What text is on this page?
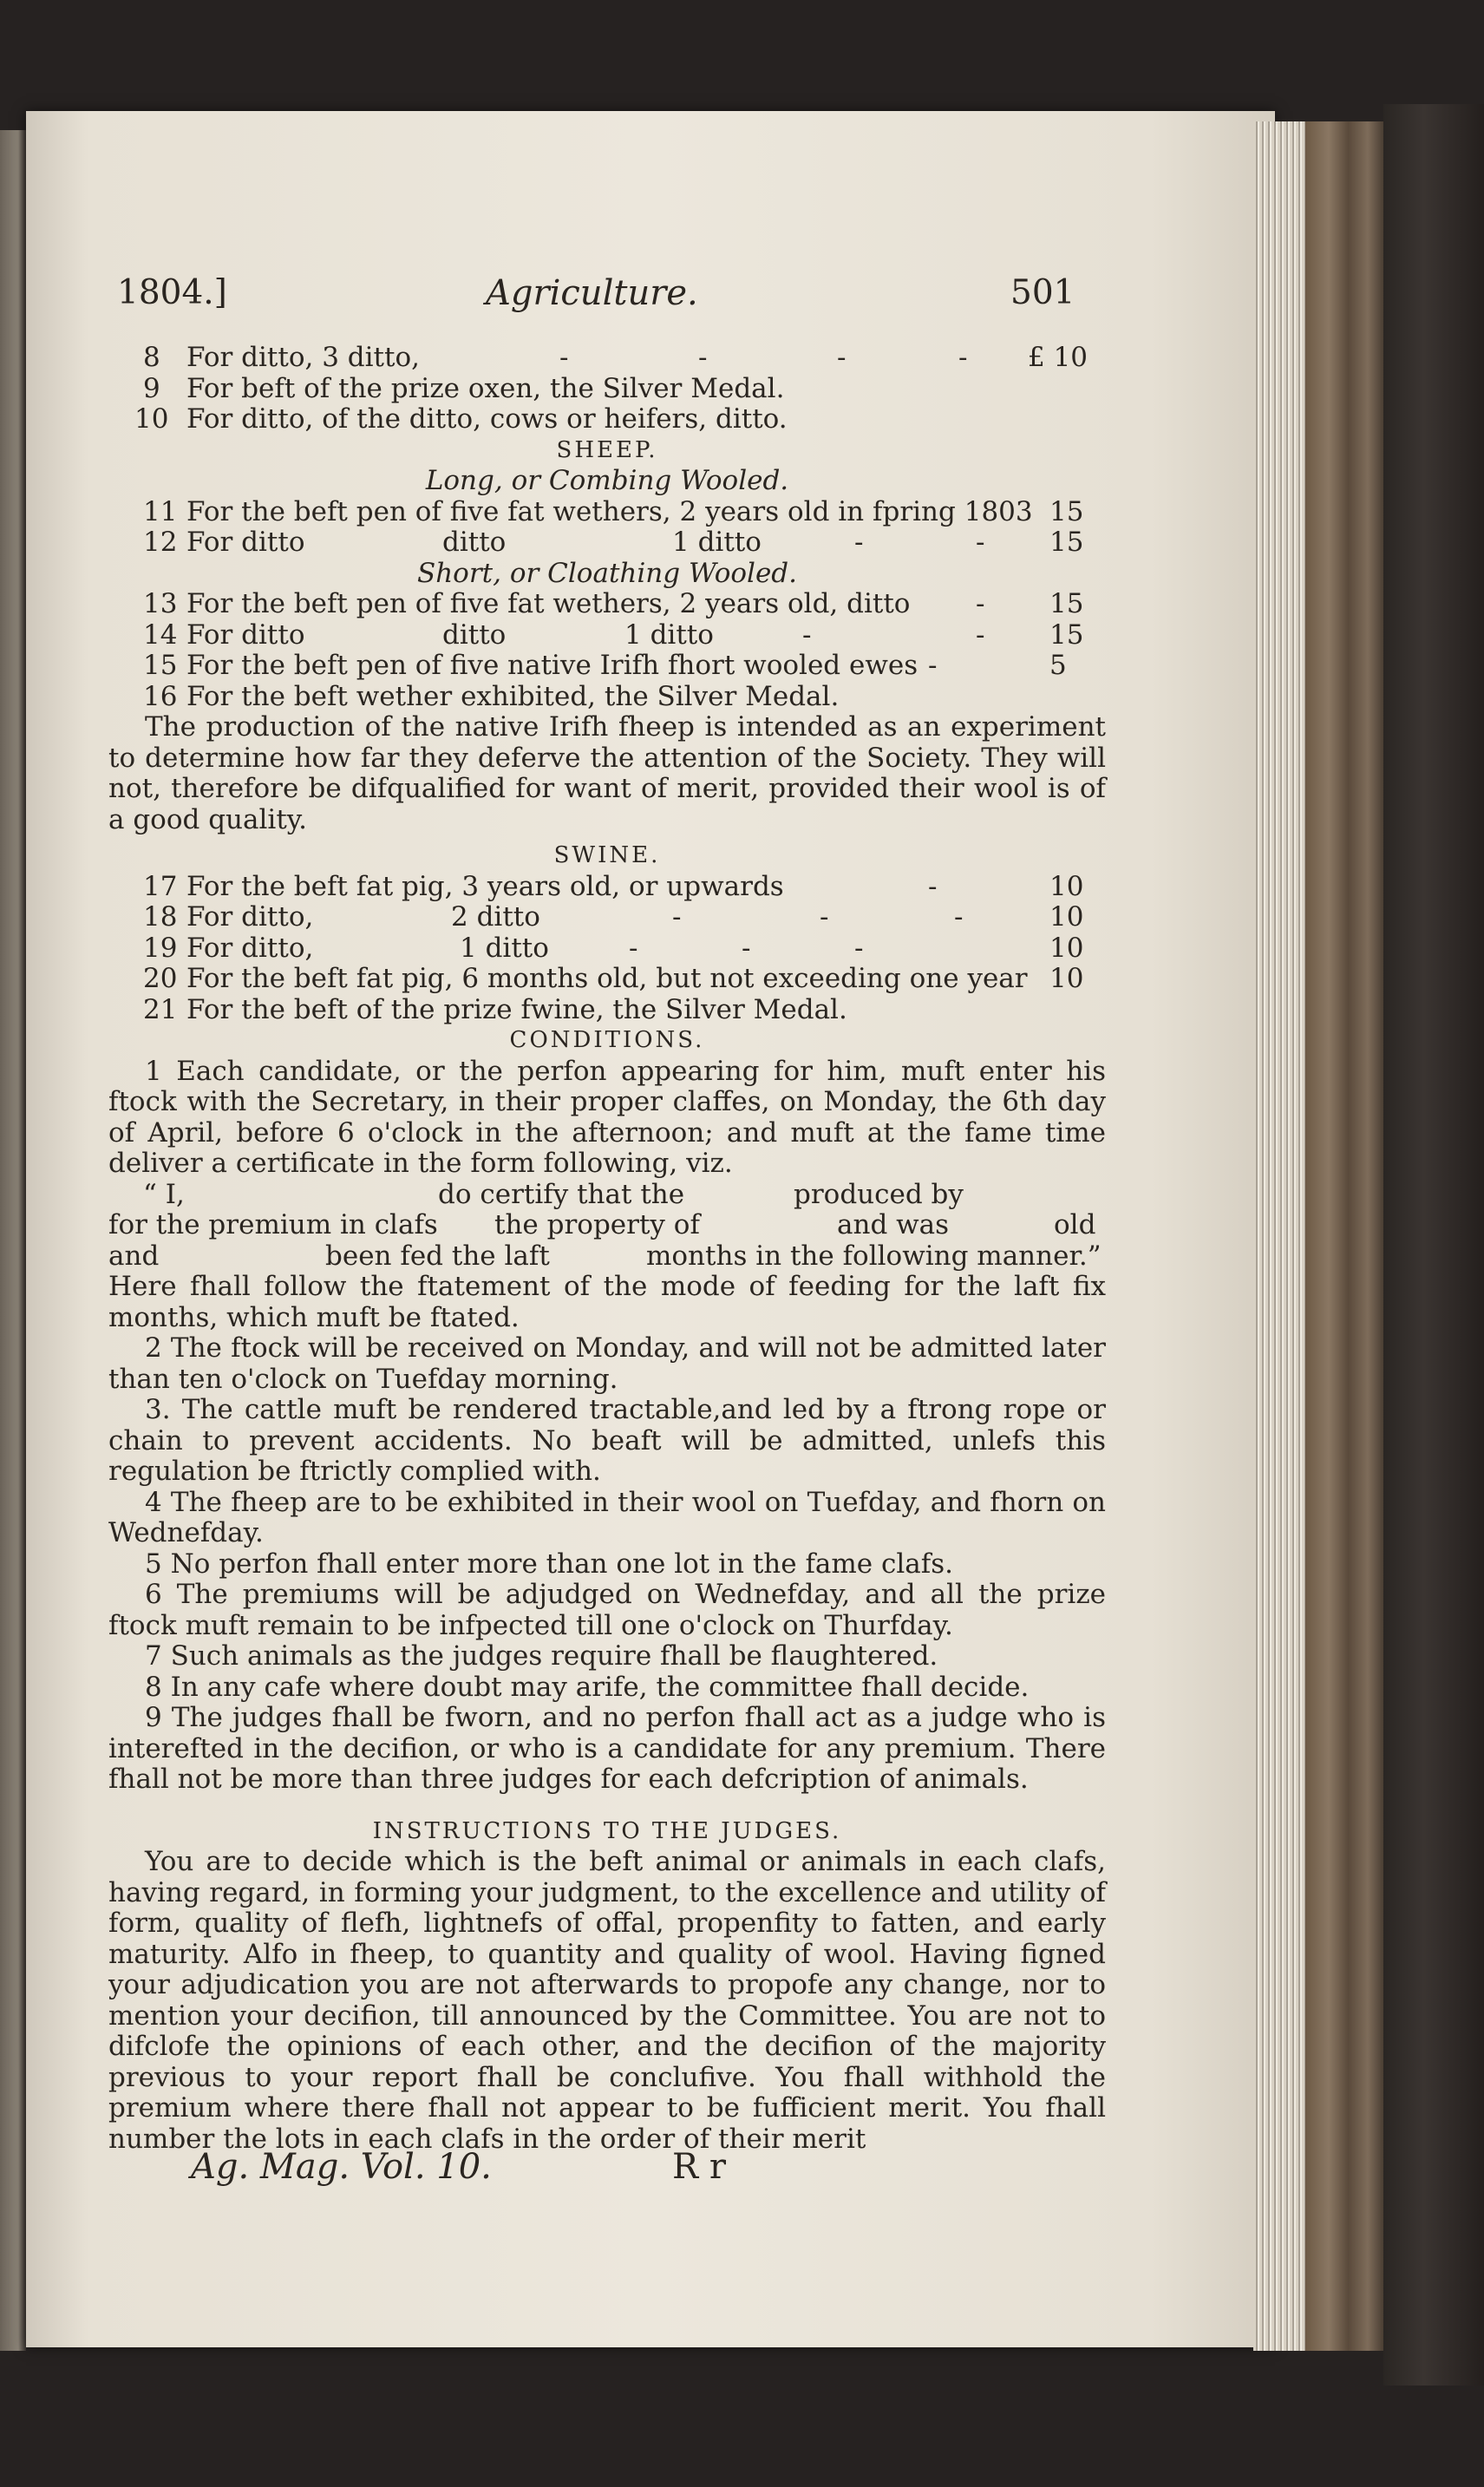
1804.]	Agriculture.	501
8 For ditto, 3 ditto,	-	-	-	- £ 10
9 For beft of the prize oxen, the Silver Medal.
10 For ditto, of the ditto, cows or heifers, ditto.
SHEEP.
Long, or Combing Wooled.
11 For the beft pen of five fat wethers, 2 years old in fpring 1803 15
12 For ditto	ditto	1 ditto	-	- 15
Short, or Cloathing Wooled.
13 For the beft pen of five fat wethers, 2 years old, ditto - 15
14 For ditto	ditto	1 ditto	-	- 15
15 For the beft pen of five native Irifh fhort wooled ewes -	5
16 For the beft wether exhibited, the Silver Medal.
The production of the native Irifh fheep is intended as an experiment to determine how far they deferve the attention of the Society. They will not, therefore be difqualified for want of merit, provided their wool is of a good quality.
SWINE.
17 For the beft fat pig, 3 years old, or upwards	-	10
18 For ditto,	2 ditto	-	-	-	10
19 For ditto,	1 ditto	-	-	-	10
20 For the beft fat pig, 6 months old, but not exceeding one year 10
21 For the beft of the prize fwine, the Silver Medal.
CONDITIONS.
1 Each candidate, or the perfon appearing for him, muft enter his ftock with the Secretary, in their proper claffes, on Monday, the 6th day of April, before 6 o'clock in the afternoon; and muft at the fame time deliver a certificate in the form following, viz.
“ I,	do certify that the	produced by
for the premium in clafs the property of	and was	old
and	been fed the laft	months in the following manner.”
Here fhall follow the ftatement of the mode of feeding for the laft fix months, which muft be ftated.
2 The ftock will be received on Monday, and will not be admitted later than ten o'clock on Tuefday morning.
3. The cattle muft be rendered tractable,and led by a ftrong rope or chain to prevent accidents. No beaft will be admitted, unlefs this regulation be ftrictly complied with.
4 The fheep are to be exhibited in their wool on Tuefday, and fhorn on Wednefday.
5 No perfon fhall enter more than one lot in the fame clafs.
6 The premiums will be adjudged on Wednefday, and all the prize ftock muft remain to be infpected till one o'clock on Thurfday.
7 Such animals as the judges require fhall be flaughtered.
8 In any cafe where doubt may arife, the committee fhall decide.
9 The judges fhall be fworn, and no perfon fhall act as a judge who is interefted in the decifion, or who is a candidate for any premium. There fhall not be more than three judges for each defcription of animals.
INSTRUCTIONS TO THE JUDGES.
You are to decide which is the beft animal or animals in each clafs, having regard, in forming your judgment, to the excellence and utility of form, quality of flefh, lightnefs of offal, propenfity to fatten, and early maturity. Alfo in fheep, to quantity and quality of wool. Having figned your adjudication you are not afterwards to propofe any change, nor to mention your decifion, till announced by the Committee. You are not to difclofe the opinions of each other, and the decifion of the majority previous to your report fhall be conclufive. You fhall withhold the premium where there fhall not appear to be fufficient merit. You fhall number the lots in each clafs in the order of their merit
Ag. Mag. Vol. 10.	R r
